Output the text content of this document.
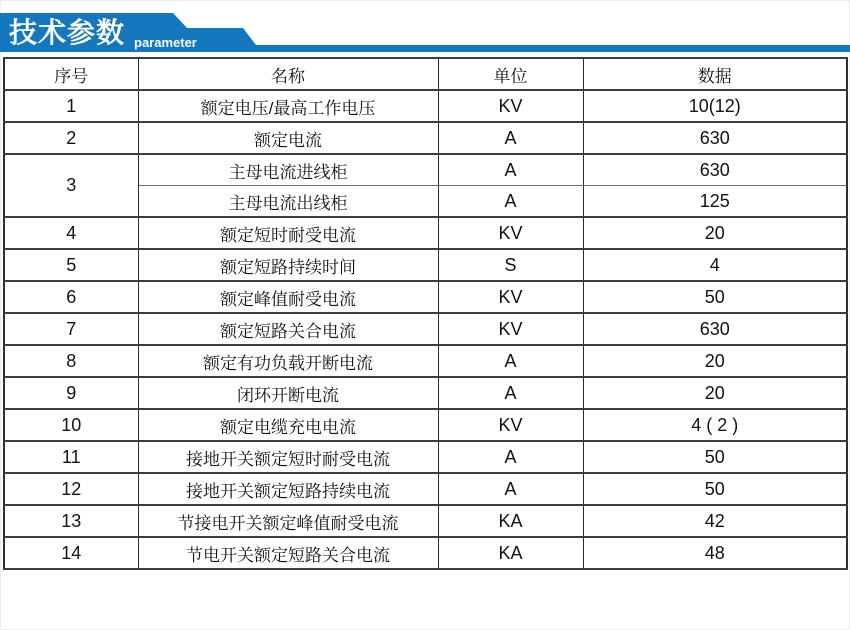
技术参数 parameter
序号	名称	单位	数据
1	额定电压/最高工作电压	KV	10(12)
2	额定电流	A	630
3	主母电流进线柜	A	630
	主母电流出线柜	A	125
4	额定短时耐受电流	KV	20
5	额定短路持续时间	S	4
6	额定峰值耐受电流	KV	50
7	额定短路关合电流	KV	630
8	额定有功负载开断电流	A	20
9	闭环开断电流	A	20
10	额定电缆充电电流	KV	4 ( 2 )
11	接地开关额定短时耐受电流	A	50
12	接地开关额定短路持续电流	A	50
13	节接电开关额定峰值耐受电流	KA	42
14	节电开关额定短路关合电流	KA	48
